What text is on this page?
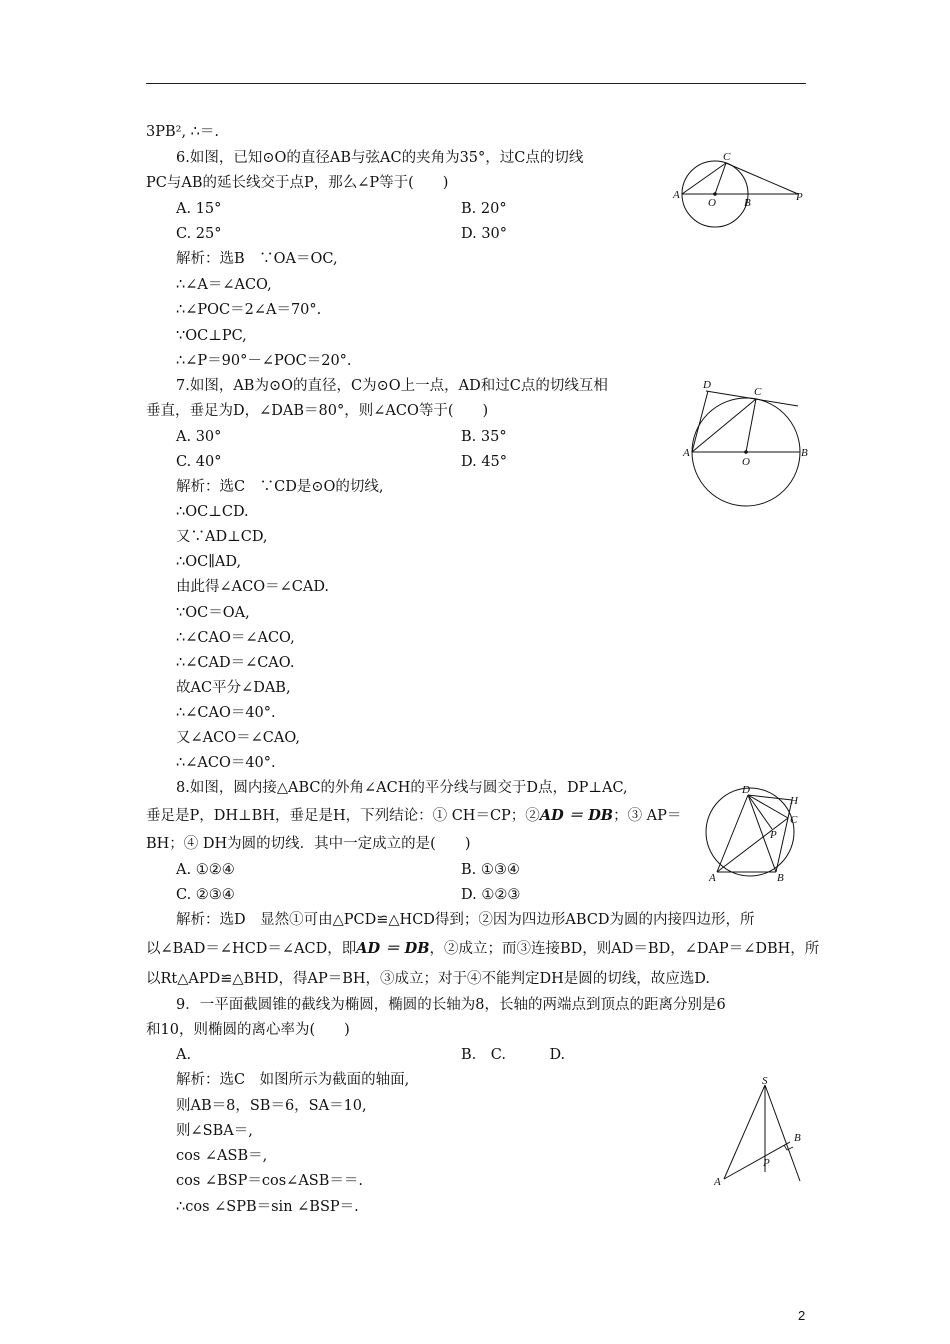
3PB², ∴＝.
6.如图，已知⊙O的直径AB与弦AC的夹角为35°，过C点的切线
PC与AB的延长线交于点P，那么∠P等于(　　)
A. 15°	B. 20°
C. 25°	D. 30°
解析：选B　∵OA＝OC,
∴∠A＝∠ACO,
∴∠POC＝2∠A＝70°.
∵OC⊥PC,
∴∠P＝90°－∠POC＝20°.
7.如图，AB为⊙O的直径，C为⊙O上一点，AD和过C点的切线互相
垂直，垂足为D，∠DAB＝80°，则∠ACO等于(　　)
A. 30°	B. 35°
C. 40°	D. 45°
解析：选C　∵CD是⊙O的切线,
∴OC⊥CD.
又∵AD⊥CD,
∴OC∥AD,
由此得∠ACO＝∠CAD.
∵OC＝OA,
∴∠CAO＝∠ACO,
∴∠CAD＝∠CAO.
故AC平分∠DAB,
∴∠CAO＝40°.
又∠ACO＝∠CAO,
∴∠ACO＝40°.
8.如图，圆内接△ABC的外角∠ACH的平分线与圆交于D点，DP⊥AC,
垂足是P，DH⊥BH，垂足是H，下列结论：① CH＝CP；②AD ＝ DB；③ AP＝
BH；④ DH为圆的切线．其中一定成立的是(　　)
A. ①②④	B. ①③④
C. ②③④	D. ①②③
解析：选D　显然①可由△PCD≌△HCD得到；②因为四边形ABCD为圆的内接四边形，所
以∠BAD＝∠HCD＝∠ACD，即AD ＝ DB，②成立；而③连接BD，则AD＝BD，∠DAP＝∠DBH，所
以Rt△APD≌△BHD，得AP＝BH，③成立；对于④不能判定DH是圆的切线，故应选D.
9．一平面截圆锥的截线为椭圆，椭圆的长轴为8，长轴的两端点到顶点的距离分别是6
和10，则椭圆的离心率为(　　)
A.	B.　C.　　　D.
解析：选C　如图所示为截面的轴面,
则AB＝8，SB＝6，SA＝10,
则∠SBA＝,
cos ∠ASB＝,
cos ∠BSP＝cos∠ASB＝＝.
∴cos ∠SPB＝sin ∠BSP＝.
A
O	B
C
P
D
C
A
O
B
D
H
C
P
A	B
S
B
P
A
2
